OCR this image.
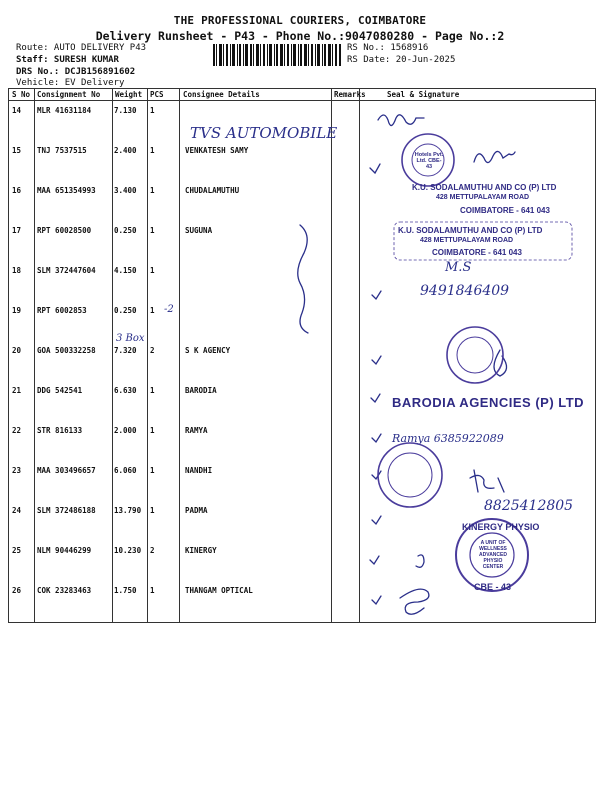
THE PROFESSIONAL COURIERS, COIMBATORE
Delivery Runsheet - P43 - Phone No.:9047080280 - Page No.:2
Route: AUTO DELIVERY P43
Staff: SURESH KUMAR
DRS No.: DCJB156891602
Vehicle: EV Delivery
RS No.: 1568916
RS Date: 20-Jun-2025
S No Consignment No Weight PCS	Consignee Details	Remarks	Seal & Signature
14 MLR 41631184	7.130 1
15 TNJ 7537515	2.400 1	VENKATESH SAMY
16 MAA 651354993 3.400 1	CHUDALAMUTHU
17 RPT 60028500	0.250 1	SUGUNA
18 SLM 372447604 4.150 1
19 RPT 6002853	0.250 1
20 GOA 500332258 7.320 2	S K AGENCY
21 DDG 542541	6.630 1	BARODIA
22 STR 816133	2.000 1	RAMYA
23 MAA 303496657 6.060 1	NANDHI
24 SLM 372486188 13.790 1	PADMA
25 NLM 90446299	10.230 2	KINERGY
26 COK 23283463	1.750 1	THANGAM OPTICAL
TVS AUTOMOBILE
-2
3 Box
M.S
9491846409
Ramya 6385922089
8825412805
K.U. SODALAMUTHU AND CO (P) LTD
428 METTUPALAYAM ROAD
COIMBATORE - 641 043
K.U. SODALAMUTHU AND CO (P) LTD
428 METTUPALAYAM ROAD
COIMBATORE - 641 043
BARODIA AGENCIES (P) LTD
Hotels Pvt. Ltd. CBE-43
KINERGY PHYSIO
CBE - 43
A UNIT OF WELLNESS ADVANCED PHYSIO CENTER
